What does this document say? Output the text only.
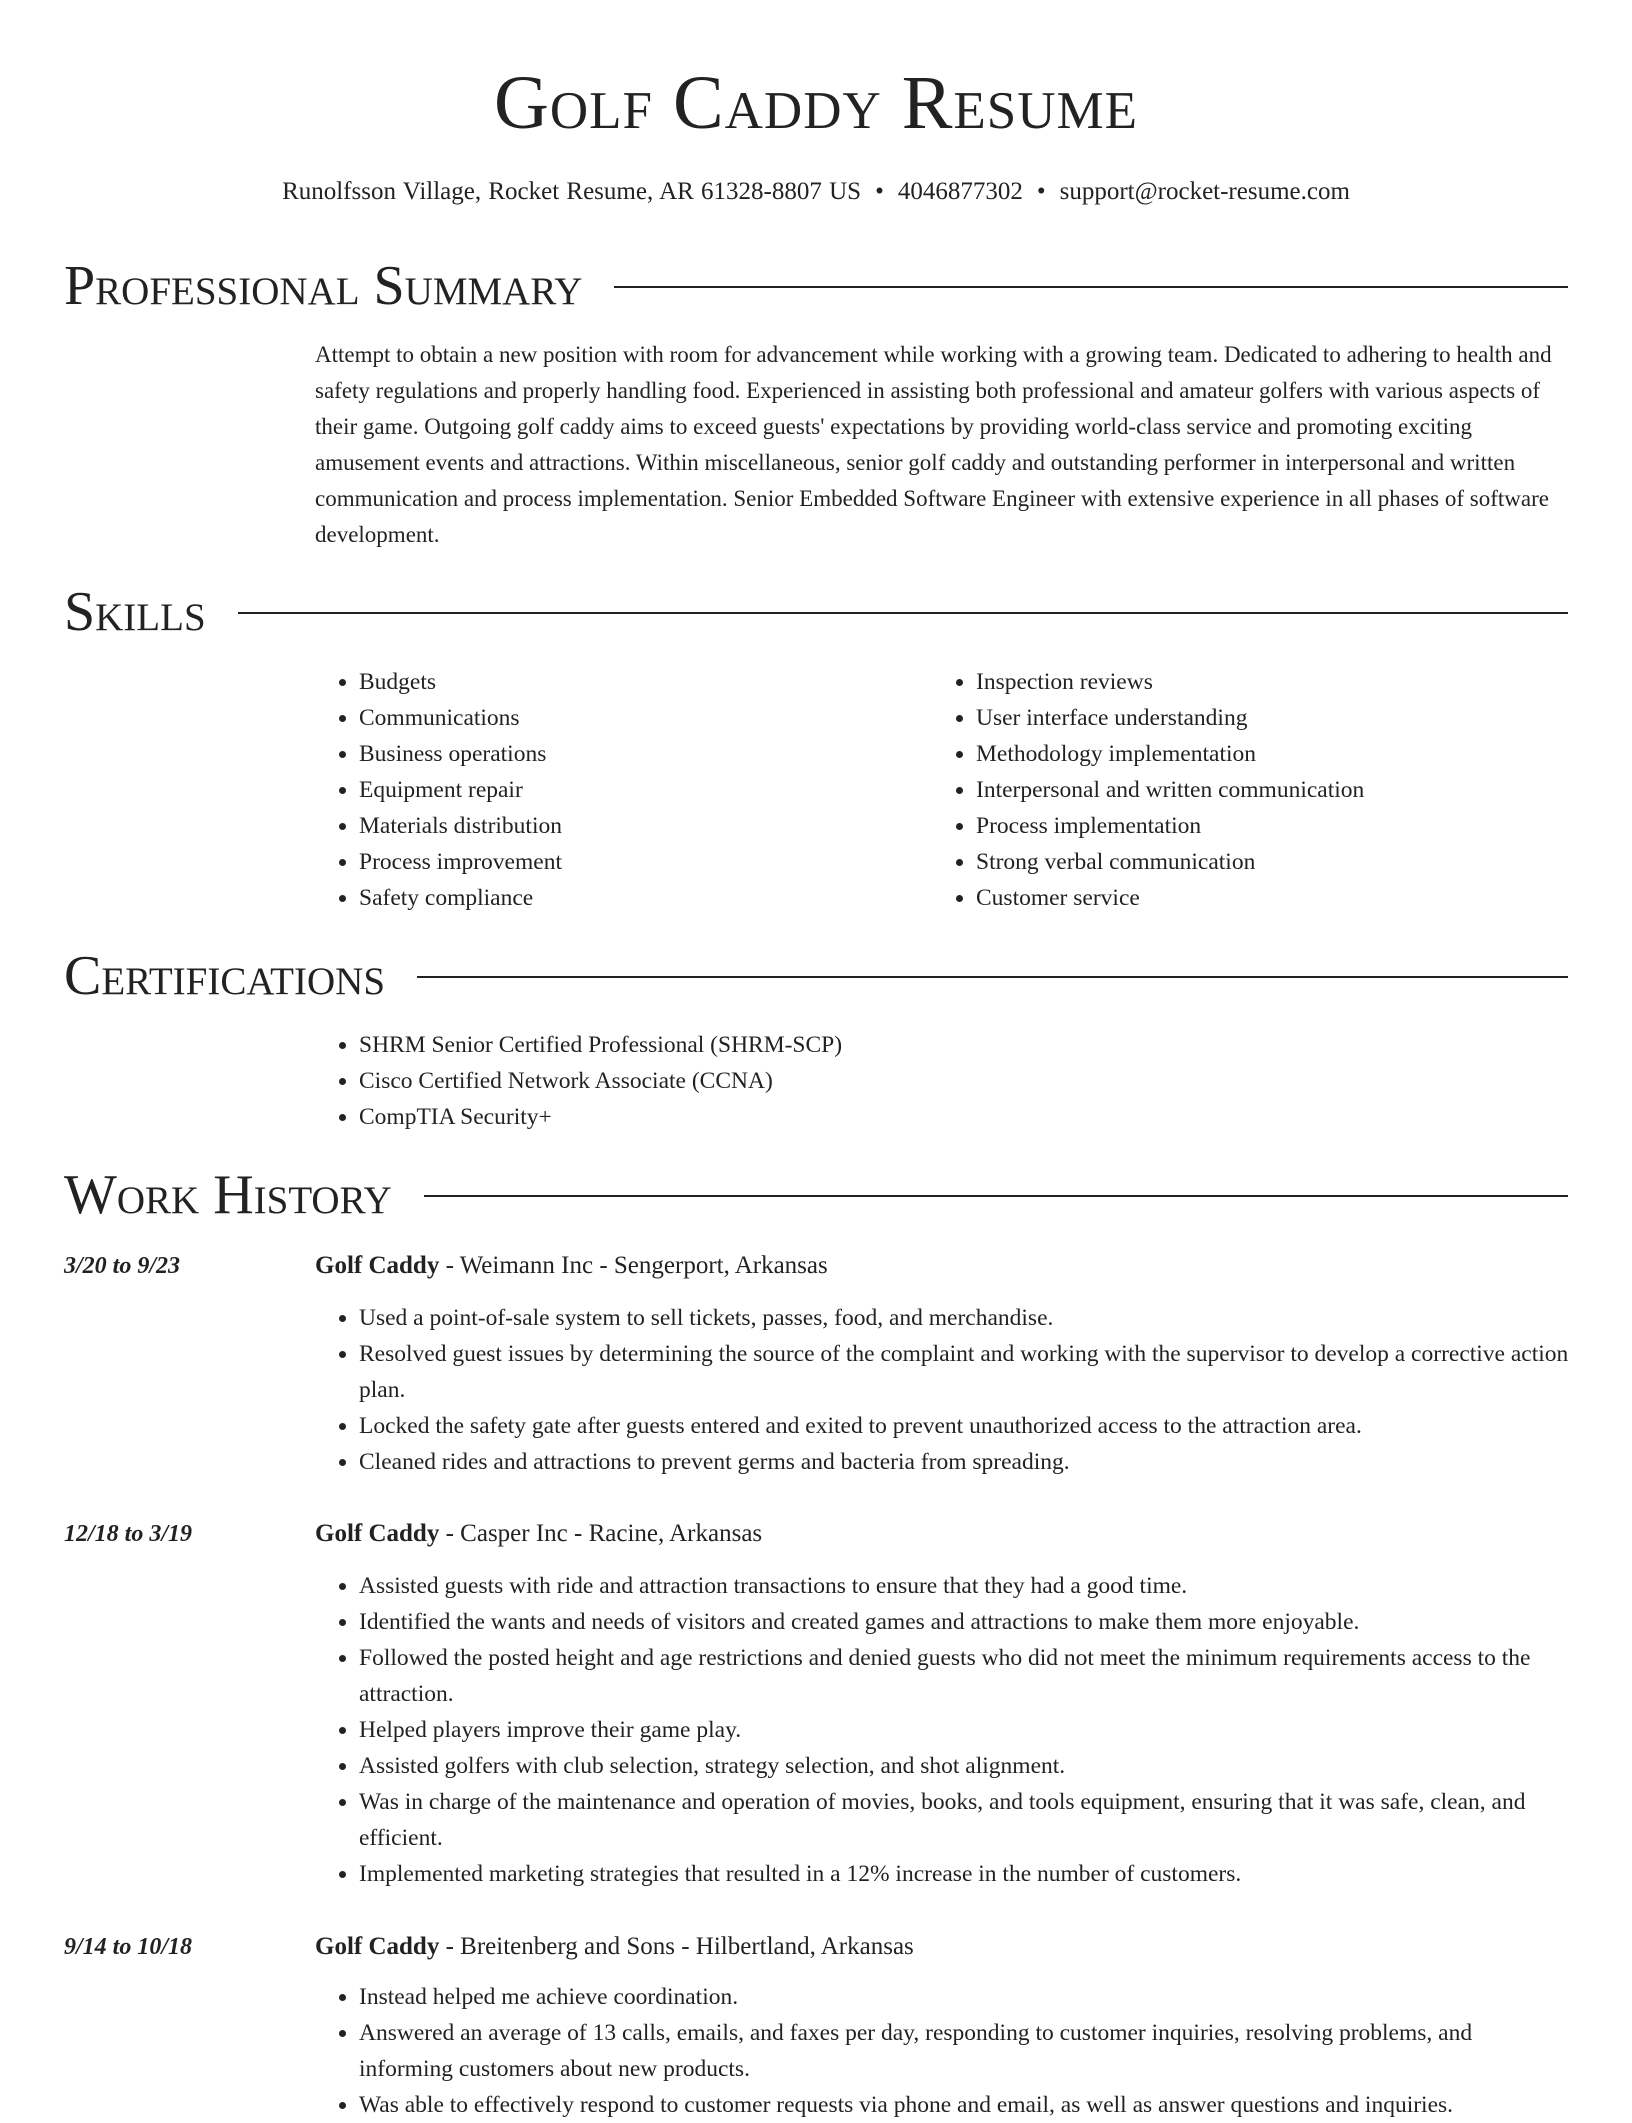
Golf Caddy Resume
Runolfsson Village, Rocket Resume, AR 61328-8807 US • 4046877302 • support@rocket-resume.com
Professional Summary

Attempt to obtain a new position with room for advancement while working with a growing team. Dedicated to adhering to health and safety regulations and properly handling food. Experienced in assisting both professional and amateur golfers with various aspects of their game. Outgoing golf caddy aims to exceed guests' expectations by providing world-class service and promoting exciting amusement events and attractions. Within miscellaneous, senior golf caddy and outstanding performer in interpersonal and written communication and process implementation. Senior Embedded Software Engineer with extensive experience in all phases of software development.

Skills
• Budgets
• Communications
• Business operations
• Equipment repair
• Materials distribution
• Process improvement
• Safety compliance
• Inspection reviews
• User interface understanding
• Methodology implementation
• Interpersonal and written communication
• Process implementation
• Strong verbal communication
• Customer service
Certifications
• SHRM Senior Certified Professional (SHRM-SCP)
• Cisco Certified Network Associate (CCNA)
• CompTIA Security+
Work History
3/20 to 9/23	Golf Caddy - Weimann Inc - Sengerport, Arkansas
• Used a point-of-sale system to sell tickets, passes, food, and merchandise.
• Resolved guest issues by determining the source of the complaint and working with the supervisor to develop a corrective action plan.
• Locked the safety gate after guests entered and exited to prevent unauthorized access to the attraction area.
• Cleaned rides and attractions to prevent germs and bacteria from spreading.
12/18 to 3/19	Golf Caddy - Casper Inc - Racine, Arkansas
• Assisted guests with ride and attraction transactions to ensure that they had a good time.
• Identified the wants and needs of visitors and created games and attractions to make them more enjoyable.
• Followed the posted height and age restrictions and denied guests who did not meet the minimum requirements access to the attraction.
• Helped players improve their game play.
• Assisted golfers with club selection, strategy selection, and shot alignment.
• Was in charge of the maintenance and operation of movies, books, and tools equipment, ensuring that it was safe, clean, and efficient.
• Implemented marketing strategies that resulted in a 12% increase in the number of customers.
9/14 to 10/18	Golf Caddy - Breitenberg and Sons - Hilbertland, Arkansas
• Instead helped me achieve coordination.
• Answered an average of 13 calls, emails, and faxes per day, responding to customer inquiries, resolving problems, and informing customers about new products.
• Was able to effectively respond to customer requests via phone and email, as well as answer questions and inquiries.
